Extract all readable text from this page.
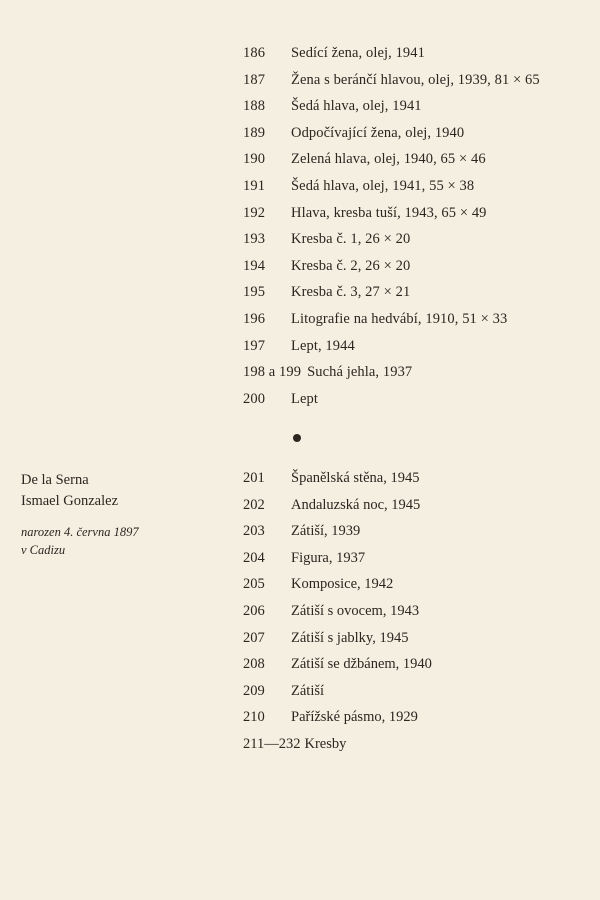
186 Sedící žena, olej, 1941
187 Žena s beránčí hlavou, olej, 1939, 81 × 65
188 Šedá hlava, olej, 1941
189 Odpočívající žena, olej, 1940
190 Zelená hlava, olej, 1940, 65 × 46
191 Šedá hlava, olej, 1941, 55 × 38
192 Hlava, kresba tuší, 1943, 65 × 49
193 Kresba č. 1, 26 × 20
194 Kresba č. 2, 26 × 20
195 Kresba č. 3, 27 × 21
196 Litografie na hedvábí, 1910, 51 × 33
197 Lept, 1944
198 a 199 Suchá jehla, 1937
200 Lept
De la Serna
Ismael Gonzalez
narozen 4. června 1897
v Cadizu
201 Španělská stěna, 1945
202 Andaluzská noc, 1945
203 Zátiší, 1939
204 Figura, 1937
205 Komposice, 1942
206 Zátiší s ovocem, 1943
207 Zátiší s jablky, 1945
208 Zátiší se džbánem, 1940
209 Zátiší
210 Pařížské pásmo, 1929
211—232 Kresby
